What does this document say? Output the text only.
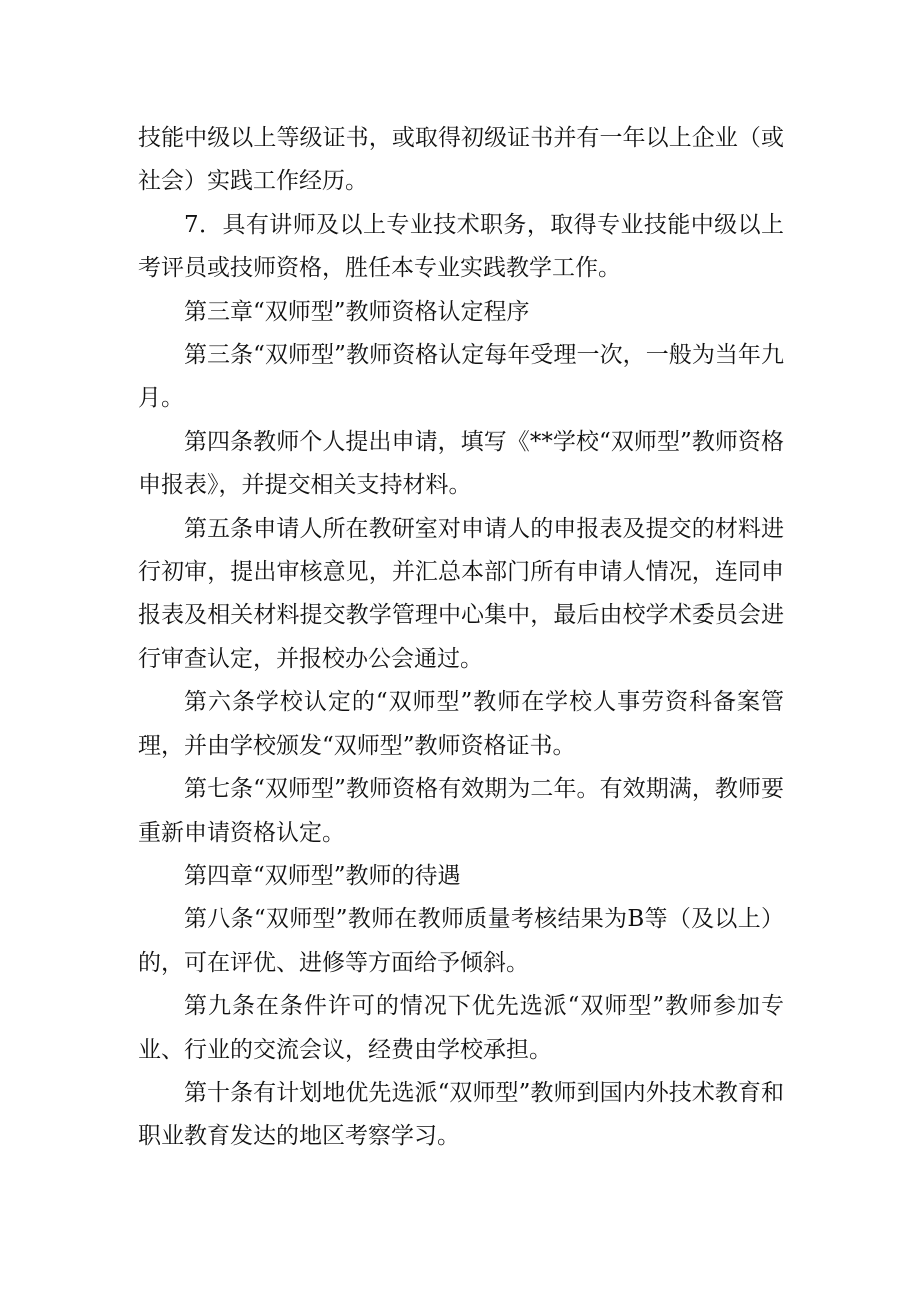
技能中级以上等级证书，或取得初级证书并有一年以上企业（或社会）实践工作经历。

7．具有讲师及以上专业技术职务，取得专业技能中级以上考评员或技师资格，胜任本专业实践教学工作。

第三章“双师型”教师资格认定程序

第三条“双师型”教师资格认定每年受理一次，一般为当年九月。

第四条教师个人提出申请，填写《**学校“双师型”教师资格申报表》，并提交相关支持材料。

第五条申请人所在教研室对申请人的申报表及提交的材料进行初审，提出审核意见，并汇总本部门所有申请人情况，连同申报表及相关材料提交教学管理中心集中，最后由校学术委员会进行审查认定，并报校办公会通过。

第六条学校认定的“双师型”教师在学校人事劳资科备案管理，并由学校颁发“双师型”教师资格证书。

第七条“双师型”教师资格有效期为二年。有效期满，教师要重新申请资格认定。

第四章“双师型”教师的待遇

第八条“双师型”教师在教师质量考核结果为B等（及以上）的，可在评优、进修等方面给予倾斜。

第九条在条件许可的情况下优先选派“双师型”教师参加专业、行业的交流会议，经费由学校承担。

第十条有计划地优先选派“双师型”教师到国内外技术教育和职业教育发达的地区考察学习。
